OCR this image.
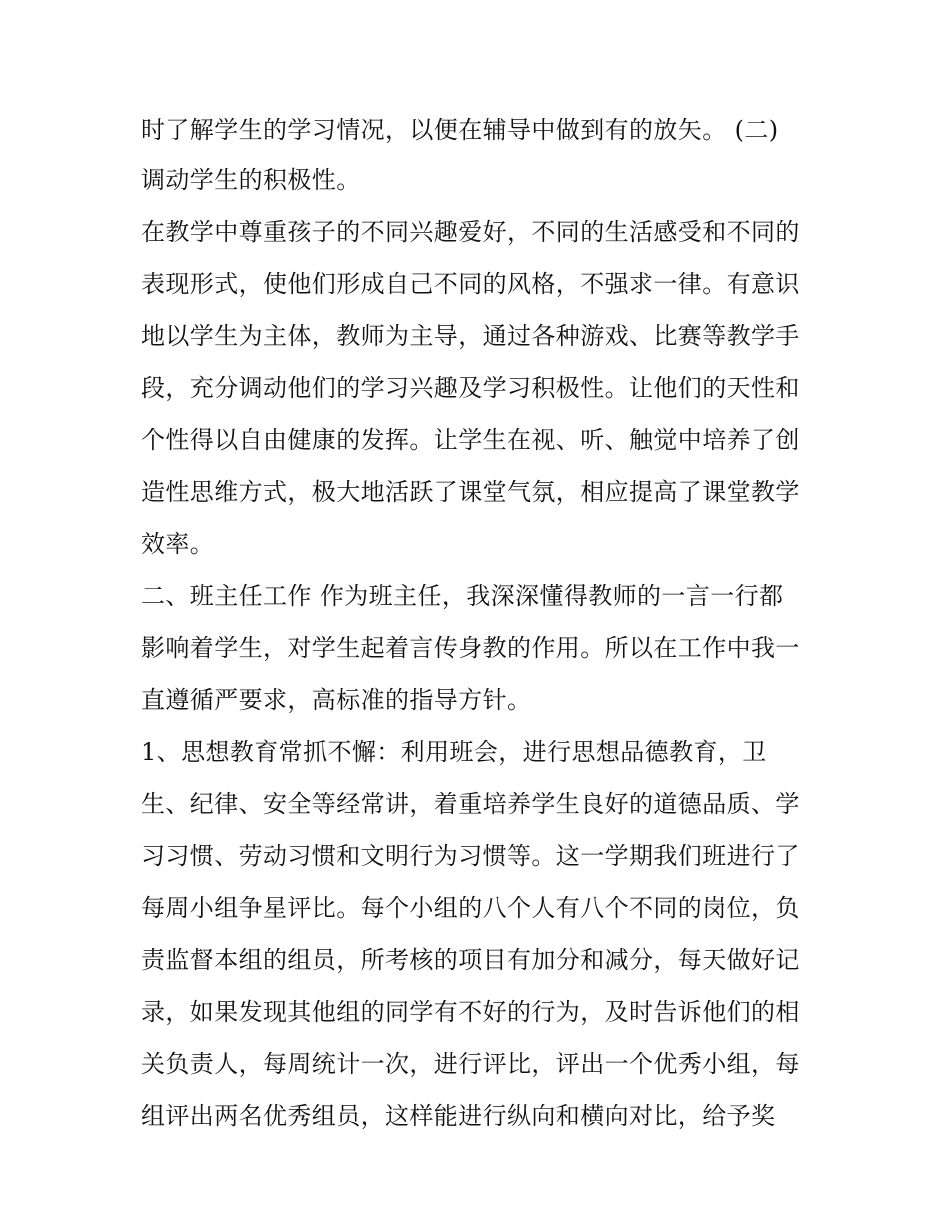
时了解学生的学习情况，以便在辅导中做到有的放矢。 (二)
调动学生的积极性。
在教学中尊重孩子的不同兴趣爱好，不同的生活感受和不同的
表现形式，使他们形成自己不同的风格，不强求一律。有意识
地以学生为主体，教师为主导，通过各种游戏、比赛等教学手
段，充分调动他们的学习兴趣及学习积极性。让他们的天性和
个性得以自由健康的发挥。让学生在视、听、触觉中培养了创
造性思维方式，极大地活跃了课堂气氛，相应提高了课堂教学
效率。
二、班主任工作 作为班主任，我深深懂得教师的一言一行都
影响着学生，对学生起着言传身教的作用。所以在工作中我一
直遵循严要求，高标准的指导方针。
1、思想教育常抓不懈：利用班会，进行思想品德教育，卫
生、纪律、安全等经常讲，着重培养学生良好的道德品质、学
习习惯、劳动习惯和文明行为习惯等。这一学期我们班进行了
每周小组争星评比。每个小组的八个人有八个不同的岗位，负
责监督本组的组员，所考核的项目有加分和减分，每天做好记
录，如果发现其他组的同学有不好的行为，及时告诉他们的相
关负责人，每周统计一次，进行评比，评出一个优秀小组，每
组评出两名优秀组员，这样能进行纵向和横向对比，给予奖
